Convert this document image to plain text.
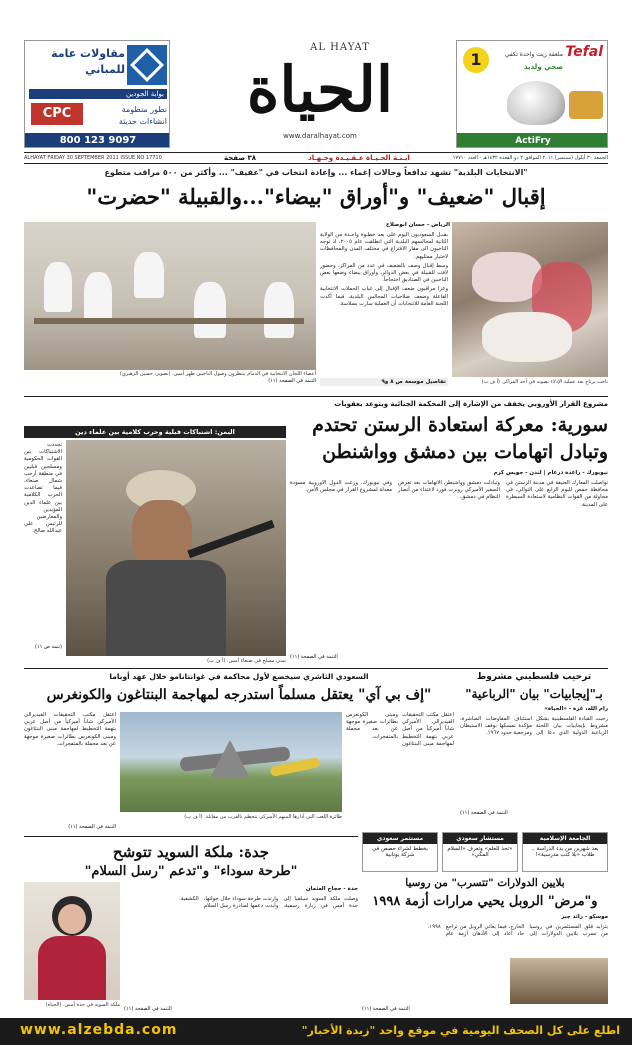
مقاولات عامة
للمباني
بوابة الجودين
نطور منطومة
انشاءات حديثة
CPC
800 123 9097
AL HAYAT
الحياة
www.daralhayat.com
Tefal
1	ملعقة زيت واحدة تكفي
صحي ولذيذ
ActiFry
٣٨ صفحة	ابـنـة الحـيـاة عـقـيـدة وجـهـاد
ALHAYAT FRIDAY 30 SEPTEMBER 2011 ISSUE NO 17710	الجمعة ٣٠ أيلول (سبتمبر) ٢٠١١ الموافق ٢ ذو القعدة ١٤٣٢هـ - العدد ١٧٧١٠
"الانتخابات البلدية" تشهد تدافعاً وحالات إغماء ... وإعادة انتخاب في "عفيف" ... وأكثر من ٥٠٠ مراقب متطوع
إقبال "ضعيف" و"أوراق "بيضاء"...والقبيلة "حضرت"
ناخب يرتاح بعد عملية الإدلاء بصوته في أحد المراكز. (أ ف ب)
الرياض - حسان ابوصلاح

بقبـل السعوديون اليوم على بعد خطـوة واحـدة من الولاية الثانية لمجالسهم البلدية التي انطلقت عام ٢٠٠٥، اذ توجه الناخبون الى مقار الاقتراع في مختلف المدن والمحافظات لاختيار ممثليهم.

وسط إقبال وصف بالضعيف في عدد من المراكز، وحضور لافت للقبيلة في بعض الدوائر، وأوراق بيضاء وضعها بعض الناخبين في الصناديق احتجاجاً.

وعزا مراقبون ضعف الإقبال إلى غياب الحملات الانتخابية الفاعلة وضعف صلاحيات المجالس البلدية، فيما أكدت اللجنة العامة للانتخابات أن العملية سارت بسلاسة.

تفاصيل موسعة ص ٨ و٩
التتمة في الصفحة (١١)
أعضاء اللجان الانتخابية في الدمام ينتظرون وصول الناخبين ظهر أمس. (تصوير: حسين الزهيري)
مشروع القرار الأوروبي يخفف من الإشارة إلى المحكمة الجنائية ويتوعد بعقوبات
سورية: معركة استعادة الرستن تحتدم وتبادل اتهامات بين دمشق وواشنطن
نيويورك - راغدة درغام | لندن - جويس كرم

تواصلت المعارك العنيفة في مدينة الرستن في محافظة حمص لليوم الرابع على التوالي، في محاولة من القوات النظامية لاستعادة السيطرة على المدينة.

وتبادلت دمشق وواشنطن الاتهامات بعد تعرض السفير الأميركي روبرت فورد لاعتداء من أنصار النظام في دمشق.

وفي نيويورك، وزعت الدول الأوروبية مسودة معدلة لمشروع القرار في مجلس الأمن.

التتمة في الصفحة (١١)
اليمن: اشتباكات قبلية وحرب كلامية بين علماء دين
يمني مسلح في صنعاء أمس. (أ ف ب)
تجددت الاشتباكات بين القوات الحكومية ومسلحين قبليين في منطقة أرحب شمال صنعاء، فيما تصاعدت الحرب الكلامية بين علماء الدين المؤيدين والمعارضين للرئيس علي عبدالله صالح.
(تتمة ص ١١)
ترحيب فلسطيني مشروط
بـ"إيجابيات" بيان "الرباعية"
رام الله، غزة - «الحياة»
رحبت القيادة الفلسطينية بشكل مشروط بإيجابيات بيان اللجنة الرباعية الدولية الذي دعا إلى استئناف المفاوضات المباشرة، مؤكدة تمسكها بوقف الاستيطان ومرجعية حدود ١٩٦٧.
التتمة في الصفحة (١١)
السعودي الثاشري سيخضع لأول محاكمة في غوانتانامو خلال عهد أوباما
"إف بي آي" يعتقل مسلماً استدرجه لمهاجمة البنتاغون والكونغرس
اعتقل مكتب التحقيقات الفيديرالي الأميركي شاباً أميركياً من أصل عربي بتهمة التخطيط لمهاجمة مبنى البنتاغون ومبنى الكونغرس بطائرات صغيرة موجهة عن بعد محملة بالمتفجرات.
اعتقل مكتب التحقيقات الفيديرالي الأميركي شاباً أميركياً من أصل عربي بتهمة التخطيط لمهاجمة مبنى البنتاغون ومبنى الكونغرس بطائرات صغيرة موجهة عن بعد محملة بالمتفجرات.
طائرة اللعب التي أدارها المتهم الأميركي تتحطم بالقرب من مقاتلة. (أ ف ب)
التتمة في الصفحة (١١)
مستثمر سعودي
يخطط لشراء حصص في شركة يونانية
مستشار سعودي
«تحذ للعلم» وتعرف «السلام المكي»
الجامعة الإسلامية
بعد شهرين من بدء الدراسة .. طلاب «بلا كتب مدرسية»!
جدة: ملكة السويد تتوشح
"طرحة سوداء" و"تدعم "رسل السلام"
جدة - حجاج العثمان
وصلت ملكة السويد سيلفيا إلى جدة أمس في زيارة رسمية، وارتدت طرحة سوداء خلال جولتها، وأبدت دعمها لمبادرة رسل السلام الكشفية.
ملكة السويد في جدة أمس. (الحياة)
التتمة في الصفحة (١١)
بلايين الدولارات "تتسرب" من روسيا
و"مرض" الروبل يحيي مرارات أزمة ١٩٩٨
موسكو - رائد جبر
يتزايد قلق المستثمرين في روسيا من تسرب بلايين الدولارات إلى الخارج، فيما يعاني الروبل من تراجع حاد أعاد إلى الأذهان أزمة عام ١٩٩٨.
التتمة في الصفحة (١١)
www.alzebda.com	اطلع على كل الصحف اليومية في موقع واحد "زبدة الأخبار"
